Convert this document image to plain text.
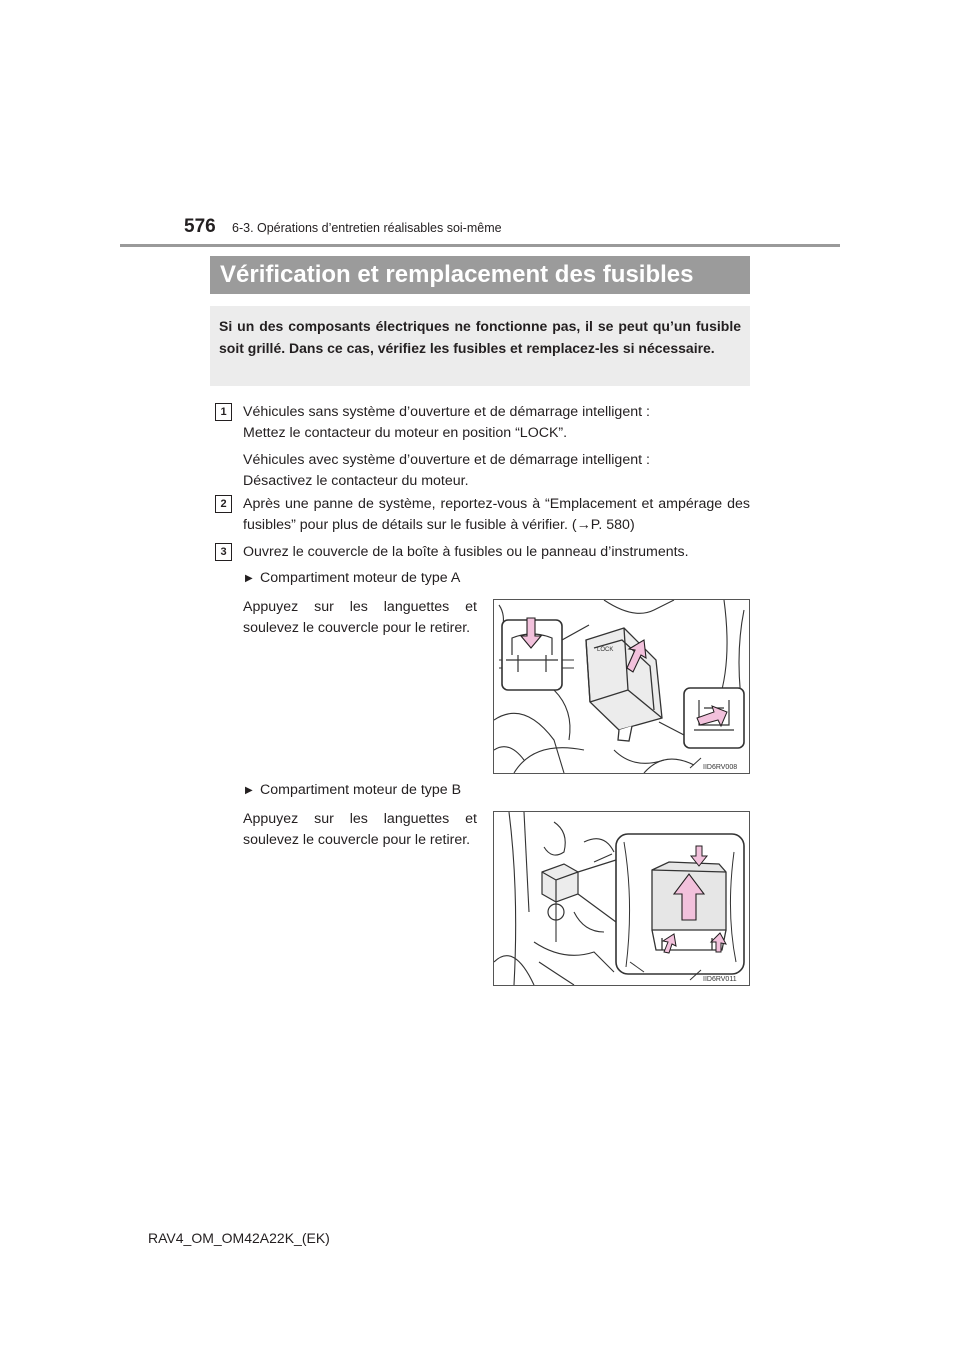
576 6-3. Opérations d’entretien réalisables soi-même
Vérification et remplacement des fusibles

Si un des composants électriques ne fonctionne pas, il se peut qu’un fusible soit grillé. Dans ce cas, vérifiez les fusibles et remplacez-les si nécessaire.

1	Véhicules sans système d’ouverture et de démarrage intelligent :
Mettez le contacteur du moteur en position “LOCK”.
Véhicules avec système d’ouverture et de démarrage intelligent :
Désactivez le contacteur du moteur.
2	Après une panne de système, reportez-vous à “Emplacement et ampérage des fusibles” pour plus de détails sur le fusible à vérifier. (→P. 580)
3	Ouvrez le couvercle de la boîte à fusibles ou le panneau d’instruments.
▶ Compartiment moteur de type A
Appuyez sur les languettes et soulevez le couvercle pour le retirer.
LOCK
IID6RV008
▶ Compartiment moteur de type B
Appuyez sur les languettes et soulevez le couvercle pour le retirer.
IID6RV011
RAV4_OM_OM42A22K_(EK)
